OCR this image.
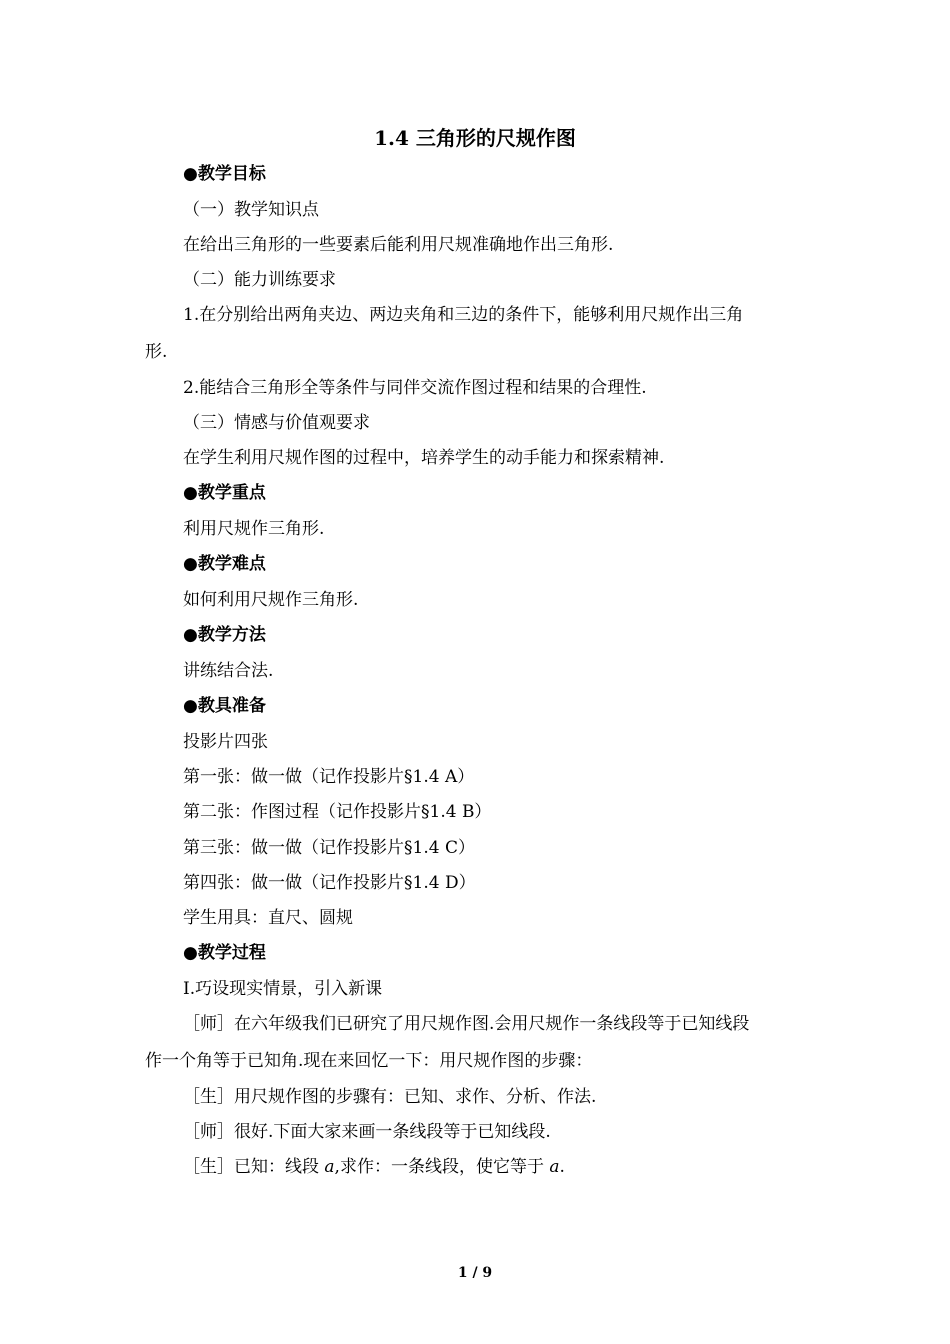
1.4 三角形的尺规作图
●教学目标
（一）教学知识点
在给出三角形的一些要素后能利用尺规准确地作出三角形.
（二）能力训练要求
1.在分别给出两角夹边、两边夹角和三边的条件下，能够利用尺规作出三角
形.
2.能结合三角形全等条件与同伴交流作图过程和结果的合理性.
（三）情感与价值观要求
在学生利用尺规作图的过程中，培养学生的动手能力和探索精神.
●教学重点
利用尺规作三角形.
●教学难点
如何利用尺规作三角形.
●教学方法
讲练结合法.
●教具准备
投影片四张
第一张：做一做（记作投影片§1.4 A）
第二张：作图过程（记作投影片§1.4 B）
第三张：做一做（记作投影片§1.4 C）
第四张：做一做（记作投影片§1.4 D）
学生用具：直尺、圆规
●教学过程
Ⅰ.巧设现实情景，引入新课
［师］在六年级我们已研究了用尺规作图.会用尺规作一条线段等于已知线段
作一个角等于已知角.现在来回忆一下：用尺规作图的步骤：
［生］用尺规作图的步骤有：已知、求作、分析、作法.
［师］很好.下面大家来画一条线段等于已知线段.
［生］已知：线段 a,求作：一条线段，使它等于 a.
1 / 9
